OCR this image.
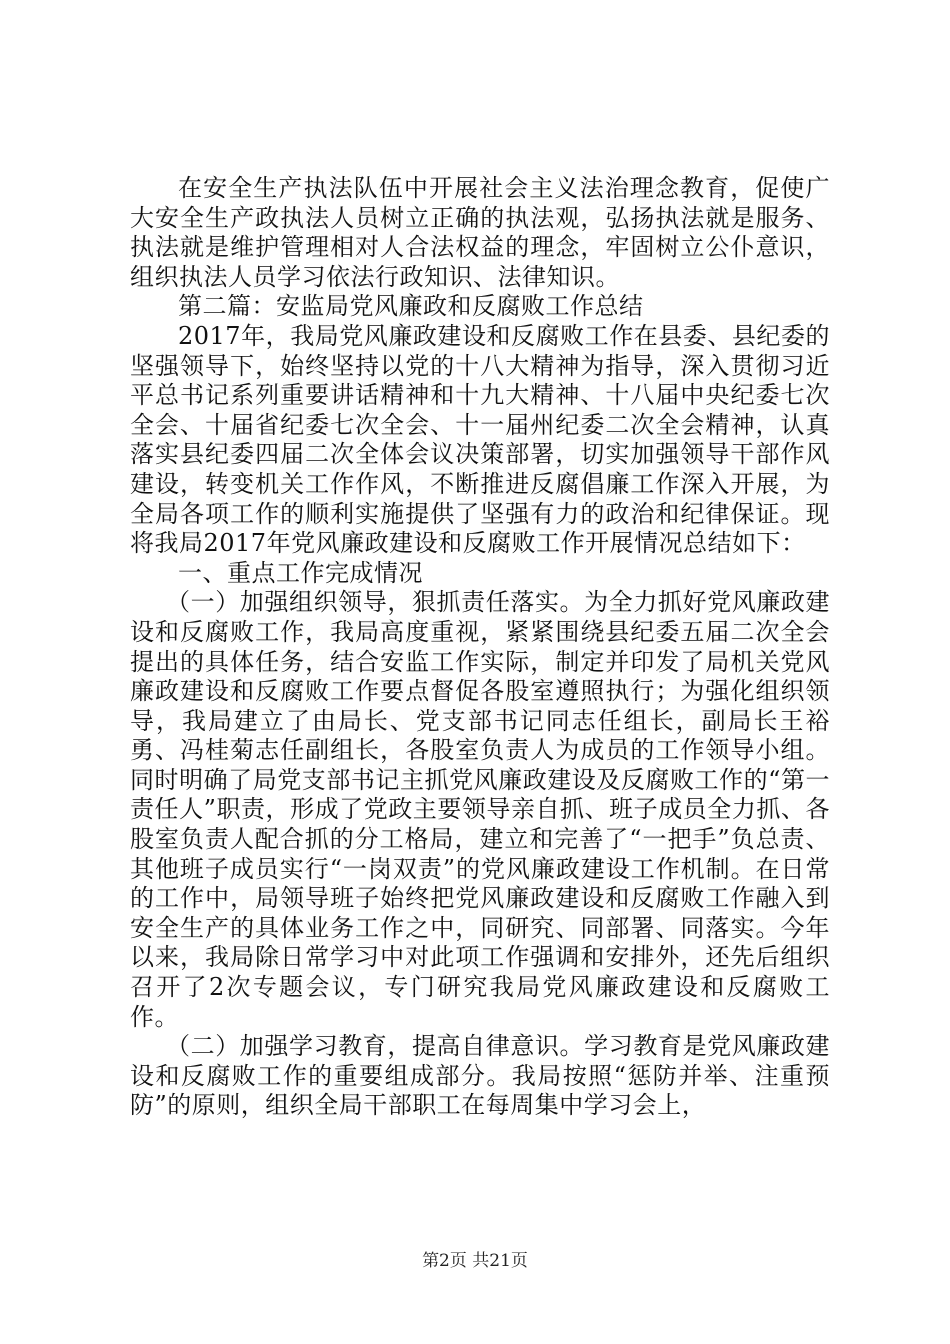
在安全生产执法队伍中开展社会主义法治理念教育，促使广大安全生产政执法人员树立正确的执法观，弘扬执法就是服务、执法就是维护管理相对人合法权益的理念，牢固树立公仆意识，组织执法人员学习依法行政知识、法律知识。

第二篇：安监局党风廉政和反腐败工作总结

2017年，我局党风廉政建设和反腐败工作在县委、县纪委的坚强领导下，始终坚持以党的十八大精神为指导，深入贯彻习近平总书记系列重要讲话精神和十九大精神、十八届中央纪委七次全会、十届省纪委七次全会、十一届州纪委二次全会精神，认真落实县纪委四届二次全体会议决策部署，切实加强领导干部作风建设，转变机关工作作风，不断推进反腐倡廉工作深入开展，为全局各项工作的顺利实施提供了坚强有力的政治和纪律保证。现将我局2017年党风廉政建设和反腐败工作开展情况总结如下：

一、重点工作完成情况

（一）加强组织领导，狠抓责任落实。为全力抓好党风廉政建设和反腐败工作，我局高度重视，紧紧围绕县纪委五届二次全会提出的具体任务，结合安监工作实际，制定并印发了局机关党风廉政建设和反腐败工作要点督促各股室遵照执行；为强化组织领导，我局建立了由局长、党支部书记同志任组长，副局长王裕勇、冯桂菊志任副组长，各股室负责人为成员的工作领导小组。同时明确了局党支部书记主抓党风廉政建设及反腐败工作的“第一责任人”职责，形成了党政主要领导亲自抓、班子成员全力抓、各股室负责人配合抓的分工格局，建立和完善了“一把手”负总责、其他班子成员实行“一岗双责”的党风廉政建设工作机制。在日常的工作中，局领导班子始终把党风廉政建设和反腐败工作融入到安全生产的具体业务工作之中，同研究、同部署、同落实。今年以来，我局除日常学习中对此项工作强调和安排外，还先后组织召开了2次专题会议，专门研究我局党风廉政建设和反腐败工作。

（二）加强学习教育，提高自律意识。学习教育是党风廉政建设和反腐败工作的重要组成部分。我局按照“惩防并举、注重预防”的原则，组织全局干部职工在每周集中学习会上，

第2页 共21页
